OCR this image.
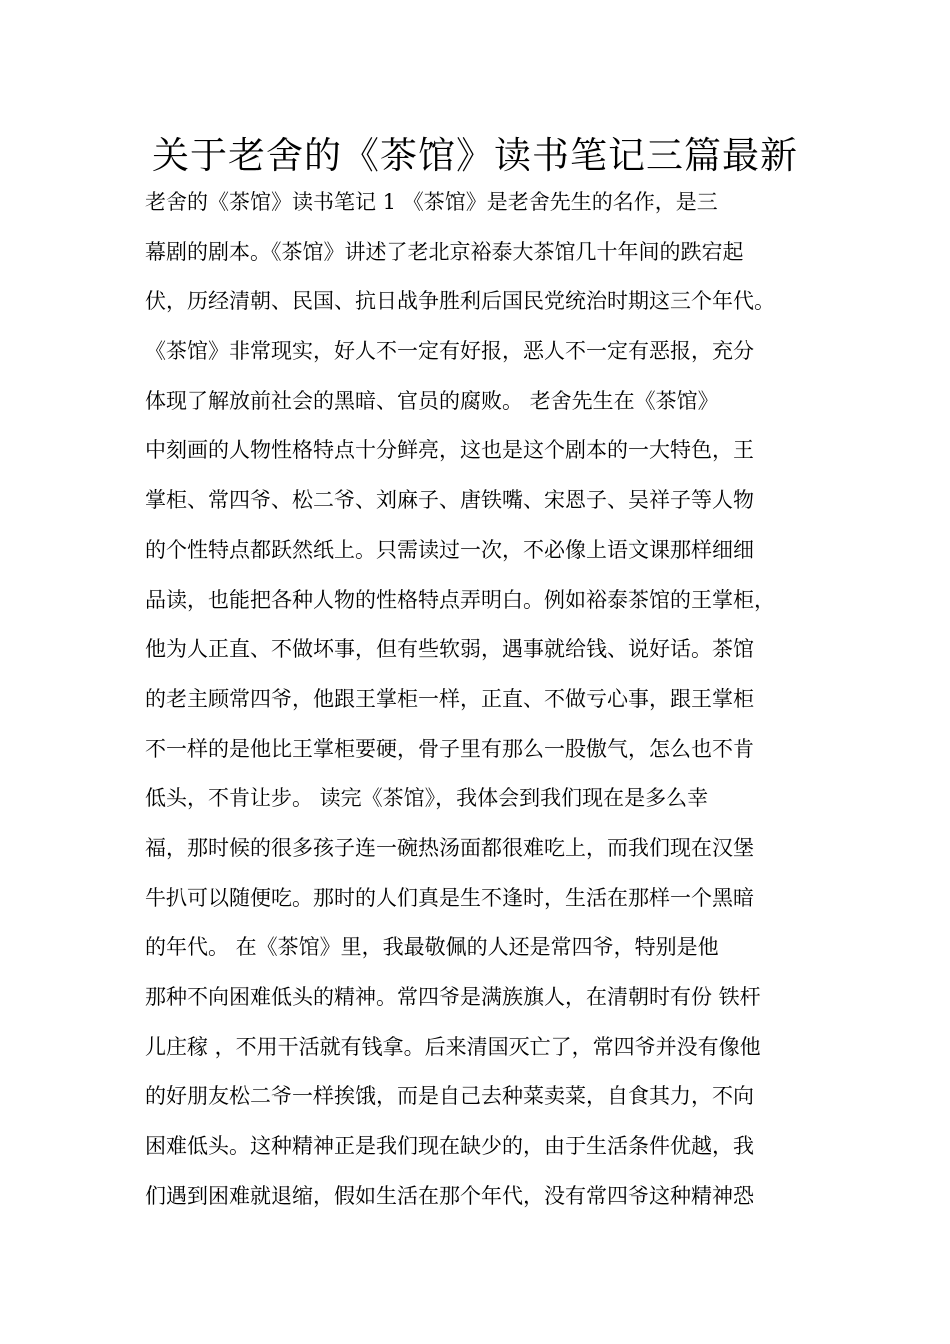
关于老舍的《茶馆》读书笔记三篇最新
老舍的《茶馆》读书笔记 1 《茶馆》是老舍先生的名作，是三
幕剧的剧本。《茶馆》讲述了老北京裕泰大茶馆几十年间的跌宕起
伏，历经清朝、民国、抗日战争胜利后国民党统治时期这三个年代。
《茶馆》非常现实，好人不一定有好报，恶人不一定有恶报，充分
体现了解放前社会的黑暗、官员的腐败。 老舍先生在《茶馆》
中刻画的人物性格特点十分鲜亮，这也是这个剧本的一大特色，王
掌柜、常四爷、松二爷、刘麻子、唐铁嘴、宋恩子、吴祥子等人物
的个性特点都跃然纸上。只需读过一次，不必像上语文课那样细细
品读，也能把各种人物的性格特点弄明白。例如裕泰茶馆的王掌柜，
他为人正直、不做坏事，但有些软弱，遇事就给钱、说好话。茶馆
的老主顾常四爷，他跟王掌柜一样，正直、不做亏心事，跟王掌柜
不一样的是他比王掌柜要硬，骨子里有那么一股傲气，怎么也不肯
低头，不肯让步。 读完《茶馆》，我体会到我们现在是多么幸
福，那时候的很多孩子连一碗热汤面都很难吃上，而我们现在汉堡
牛扒可以随便吃。那时的人们真是生不逢时，生活在那样一个黑暗
的年代。 在《茶馆》里，我最敬佩的人还是常四爷，特别是他
那种不向困难低头的精神。常四爷是满族旗人，在清朝时有份 铁杆
儿庄稼 ，不用干活就有钱拿。后来清国灭亡了，常四爷并没有像他
的好朋友松二爷一样挨饿，而是自己去种菜卖菜，自食其力，不向
困难低头。这种精神正是我们现在缺少的，由于生活条件优越，我
们遇到困难就退缩，假如生活在那个年代，没有常四爷这种精神恐
